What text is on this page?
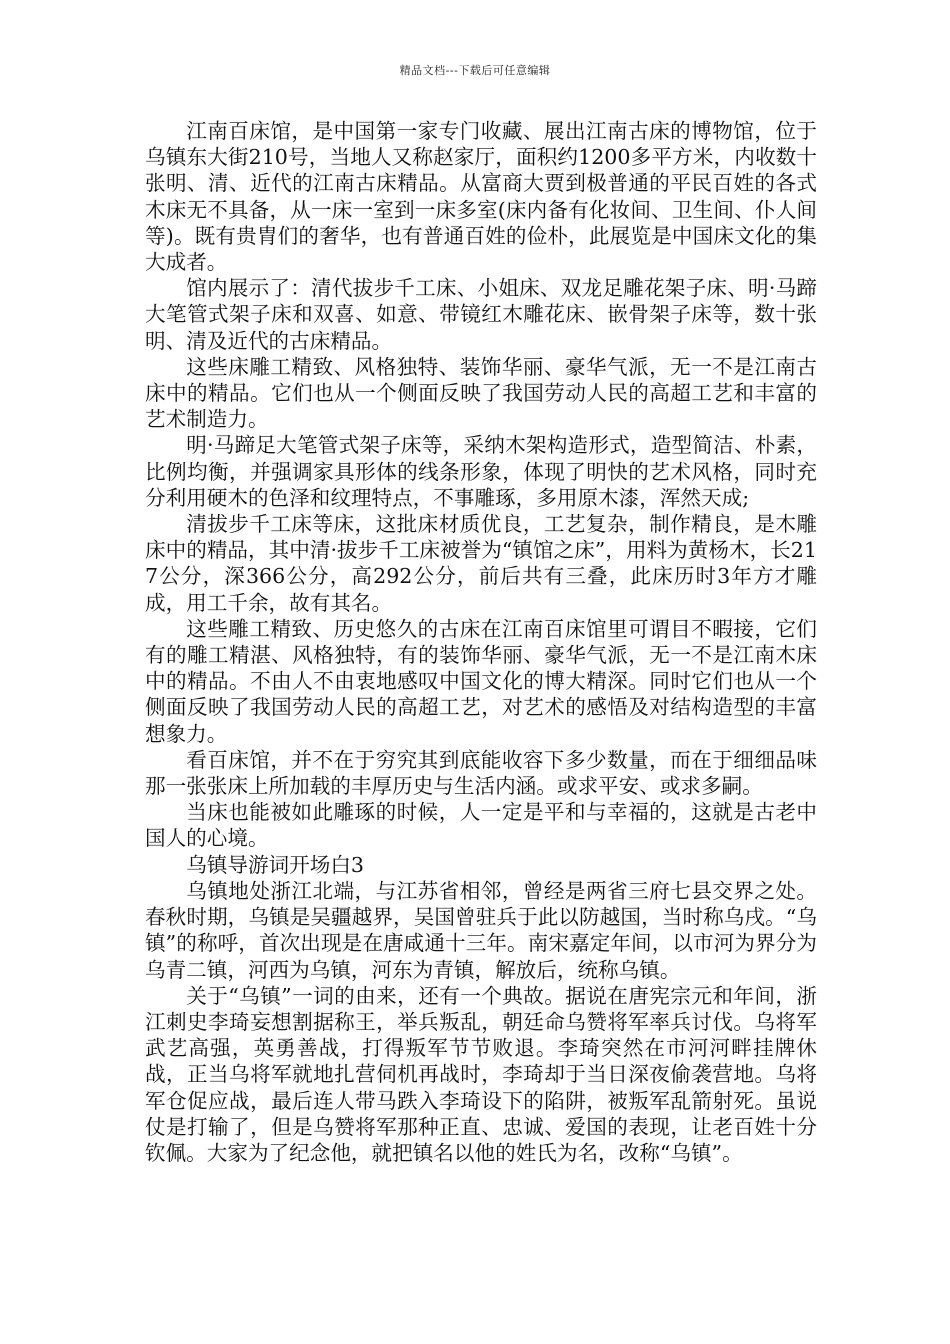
精品文档---下载后可任意编辑

江南百床馆，是中国第一家专门收藏、展出江南古床的博物馆，位于乌镇东大街210号，当地人又称赵家厅，面积约1200多平方米，内收数十张明、清、近代的江南古床精品。从富商大贾到极普通的平民百姓的各式木床无不具备，从一床一室到一床多室(床内备有化妆间、卫生间、仆人间等)。既有贵胄们的奢华，也有普通百姓的俭朴，此展览是中国床文化的集大成者。

馆内展示了：清代拔步千工床、小姐床、双龙足雕花架子床、明·马蹄大笔管式架子床和双喜、如意、带镜红木雕花床、嵌骨架子床等，数十张明、清及近代的古床精品。

这些床雕工精致、风格独特、装饰华丽、豪华气派，无一不是江南古床中的精品。它们也从一个侧面反映了我国劳动人民的高超工艺和丰富的艺术制造力。

明·马蹄足大笔管式架子床等，采纳木架构造形式，造型简洁、朴素，比例均衡，并强调家具形体的线条形象，体现了明快的艺术风格，同时充分利用硬木的色泽和纹理特点，不事雕琢，多用原木漆，浑然天成;

清拔步千工床等床，这批床材质优良，工艺复杂，制作精良，是木雕床中的精品，其中清·拔步千工床被誉为“镇馆之床”，用料为黄杨木，长217公分，深366公分，高292公分，前后共有三叠，此床历时3年方才雕成，用工千余，故有其名。

这些雕工精致、历史悠久的古床在江南百床馆里可谓目不暇接，它们有的雕工精湛、风格独特，有的装饰华丽、豪华气派，无一不是江南木床中的精品。不由人不由衷地感叹中国文化的博大精深。同时它们也从一个侧面反映了我国劳动人民的高超工艺，对艺术的感悟及对结构造型的丰富想象力。

看百床馆，并不在于穷究其到底能收容下多少数量，而在于细细品味那一张张床上所加载的丰厚历史与生活内涵。或求平安、或求多嗣。

当床也能被如此雕琢的时候，人一定是平和与幸福的，这就是古老中国人的心境。

乌镇导游词开场白3

乌镇地处浙江北端，与江苏省相邻，曾经是两省三府七县交界之处。春秋时期，乌镇是吴疆越界，吴国曾驻兵于此以防越国，当时称乌戌。“乌镇”的称呼，首次出现是在唐咸通十三年。南宋嘉定年间，以市河为界分为乌青二镇，河西为乌镇，河东为青镇，解放后，统称乌镇。

关于“乌镇”一词的由来，还有一个典故。据说在唐宪宗元和年间，浙江刺史李琦妄想割据称王，举兵叛乱，朝廷命乌赞将军率兵讨伐。乌将军武艺高强，英勇善战，打得叛军节节败退。李琦突然在市河河畔挂牌休战，正当乌将军就地扎营伺机再战时，李琦却于当日深夜偷袭营地。乌将军仓促应战，最后连人带马跌入李琦设下的陷阱，被叛军乱箭射死。虽说仗是打输了，但是乌赞将军那种正直、忠诚、爱国的表现，让老百姓十分钦佩。大家为了纪念他，就把镇名以他的姓氏为名，改称“乌镇”。
